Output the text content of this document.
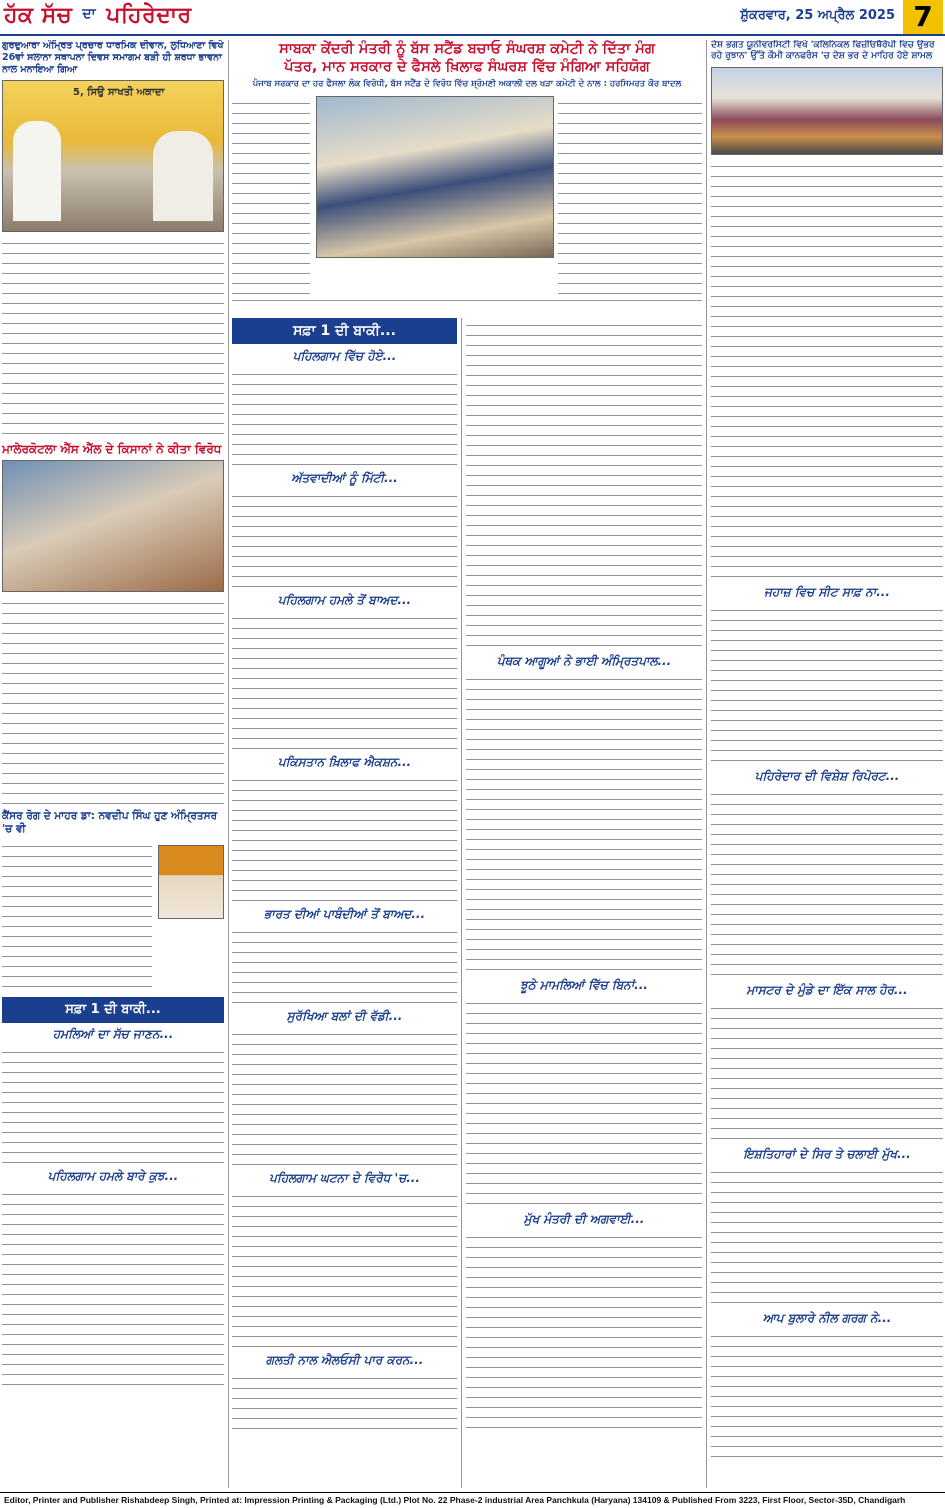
ਹੱਕ ਸੱਚ ਦਾ ਪਹਿਰੇਦਾਰ	ਸ਼ੁੱਕਰਵਾਰ, 25 ਅਪ੍ਰੈਲ 2025 7
ਗੁਰਦੁਆਰਾ ਅੰਮ੍ਰਿਤ ਪ੍ਰਚਾਰ ਧਾਰਮਿਕ ਦੀਵਾਨ, ਲੁਧਿਆਣਾ ਵਿਖੇ 26ਵਾਂ ਸਲਾਨਾ ਸਥਾਪਨਾ ਦਿਵਸ ਸਮਾਗਮ ਬੜੀ ਹੀ ਸ਼ਰਧਾ ਭਾਵਨਾ ਨਾਲ ਮਨਾਇਆ ਗਿਆ
5, ਸਿਉ ਸਾਖਤੀ ਅਕਾਦਾ
ਮਾਲੇਰਕੋਟਲਾ ਐੱਸ ਐੱਲ ਦੇ ਕਿਸਾਨਾਂ ਨੇ ਕੀਤਾ ਵਿਰੋਧ
ਕੈਂਸਰ ਰੋਗ ਦੇ ਮਾਹਰ ਡਾ: ਨਵਦੀਪ ਸਿੰਘ ਹੁਣ ਅੰਮ੍ਰਿਤਸਰ 'ਚ ਵੀ
ਸਫ਼ਾ 1 ਦੀ ਬਾਕੀ...
ਹਮਲਿਆਂ ਦਾ ਸੱਚ ਜਾਣਨ...
ਪਹਿਲਗਾਮ ਹਮਲੇ ਬਾਰੇ ਕੁਝ...
ਸਾਬਕਾ ਕੇਂਦਰੀ ਮੰਤਰੀ ਨੂੰ ਬੱਸ ਸਟੈਂਡ ਬਚਾਓ ਸੰਘਰਸ਼ ਕਮੇਟੀ ਨੇ ਦਿੱਤਾ ਮੰਗ
ਪੱਤਰ, ਮਾਨ ਸਰਕਾਰ ਦੇ ਫੈਸਲੇ ਖ਼ਿਲਾਫ ਸੰਘਰਸ਼ ਵਿੱਚ ਮੰਗਿਆ ਸਹਿਯੋਗ
ਪੰਜਾਬ ਸਰਕਾਰ ਦਾ ਹਰ ਫੈਸਲਾ ਲੋਕ ਵਿਰੋਧੀ, ਬੱਸ ਸਟੈਂਡ ਦੇ ਵਿਰੋਧ ਵਿੱਚ ਸ਼੍ਰੋਮਣੀ ਅਕਾਲੀ ਦਲ ਖੜਾ ਕਮੇਟੀ ਦੇ ਨਾਲ : ਹਰਸਿਮਰਤ ਕੌਰ ਬਾਦਲ
ਸਫ਼ਾ 1 ਦੀ ਬਾਕੀ...
ਪਹਿਲਗਾਮ ਵਿੱਚ ਹੋਏ...
ਅੱਤਵਾਦੀਆਂ ਨੂੰ ਮਿੱਟੀ...
ਪਹਿਲਗਾਮ ਹਮਲੇ ਤੋਂ ਬਾਅਦ...
ਪਕਿਸਤਾਨ ਖ਼ਿਲਾਫ ਐਕਸ਼ਨ...
ਭਾਰਤ ਦੀਆਂ ਪਾਬੰਦੀਆਂ ਤੋਂ ਬਾਅਦ...
ਸੁਰੱਖਿਆ ਬਲਾਂ ਦੀ ਵੱਡੀ...
ਪਹਿਲਗਾਮ ਘਟਨਾ ਦੇ ਵਿਰੋਧ 'ਚ...
ਗਲਤੀ ਨਾਲ ਐਲਓਸੀ ਪਾਰ ਕਰਨ...
ਪੰਥਕ ਆਗੂਆਂ ਨੇ ਭਾਈ ਅੰਮ੍ਰਿਤਪਾਲ...
ਝੂਠੇ ਮਾਮਲਿਆਂ ਵਿੱਚ ਬਿਨਾਂ...
ਮੁੱਖ ਮੰਤਰੀ ਦੀ ਅਗਵਾਈ...
ਦੇਸ਼ ਭਗਤ ਯੂਨੀਵਰਸਿਟੀ ਵਿਖੇ 'ਕਲਿਨਿਕਲ ਫਿਜ਼ੀਓਥੈਰੇਪੀ ਵਿਚ ਉਭਰ ਰਹੇ ਰੁਝਾਨ' ਉੱਤੇ ਕੌਮੀ ਕਾਨਫਰੰਸ 'ਚ ਦੇਸ਼ ਭਰ ਦੇ ਮਾਹਿਰ ਹੋਏ ਸ਼ਾਮਲ
ਜਹਾਜ਼ ਵਿਚ ਸੀਟ ਸਾਫ਼ ਨਾ...
ਪਹਿਰੇਦਾਰ ਦੀ ਵਿਸ਼ੇਸ਼ ਰਿਪੋਰਟ...
ਮਾਸਟਰ ਦੇ ਮੁੰਡੇ ਦਾ ਇੱਕ ਸਾਲ ਹੋਰ...
ਇਸ਼ਤਿਹਾਰਾਂ ਦੇ ਸਿਰ ਤੇ ਚਲਾਈ ਮੁੱਖ...
ਆਪ ਬੁਲਾਰੇ ਨੀਲ ਗਰਗ ਨੇ...
Editor, Printer and Publisher Rishabdeep Singh, Printed at: Impression Printing & Packaging (Ltd.) Plot No. 22 Phase-2 industrial Area Panchkula (Haryana) 134109 & Published From 3223, First Floor, Sector-35D, Chandigarh
